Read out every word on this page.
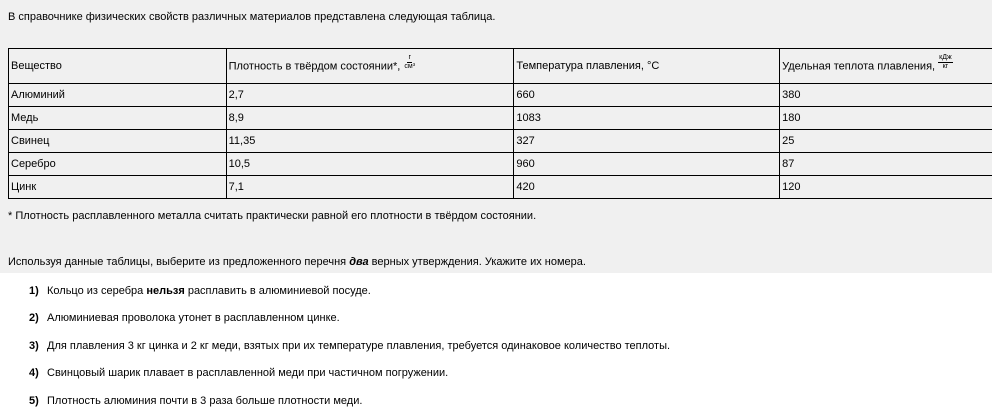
В справочнике физических свойств различных материалов представлена следующая таблица.
Вещество	Плотность в твёрдом состоянии*, $\frac{г}{\text{см³}}$	Температура плавления, °С	Удельная теплота плавления, $\frac{\text{кДж}}{кг}$

Алюминий	2,7	660	380
Медь	8,9	1083	180
Свинец	11,35	327	25
Серебро	10,5	960	87
Цинк	7,1	420	120
* Плотность расплавленного металла считать практически равной его плотности в твёрдом состоянии.
Используя данные таблицы, выберите из предложенного перечня два верных утверждения. Укажите их номера.
1) Кольцо из серебра нельзя расплавить в алюминиевой посуде.
2) Алюминиевая проволока утонет в расплавленном цинке.
3) Для плавления 3 кг цинка и 2 кг меди, взятых при их температуре плавления, требуется одинаковое количество теплоты.
4) Свинцовый шарик плавает в расплавленной меди при частичном погружении.
5) Плотность алюминия почти в 3 раза больше плотности меди.
